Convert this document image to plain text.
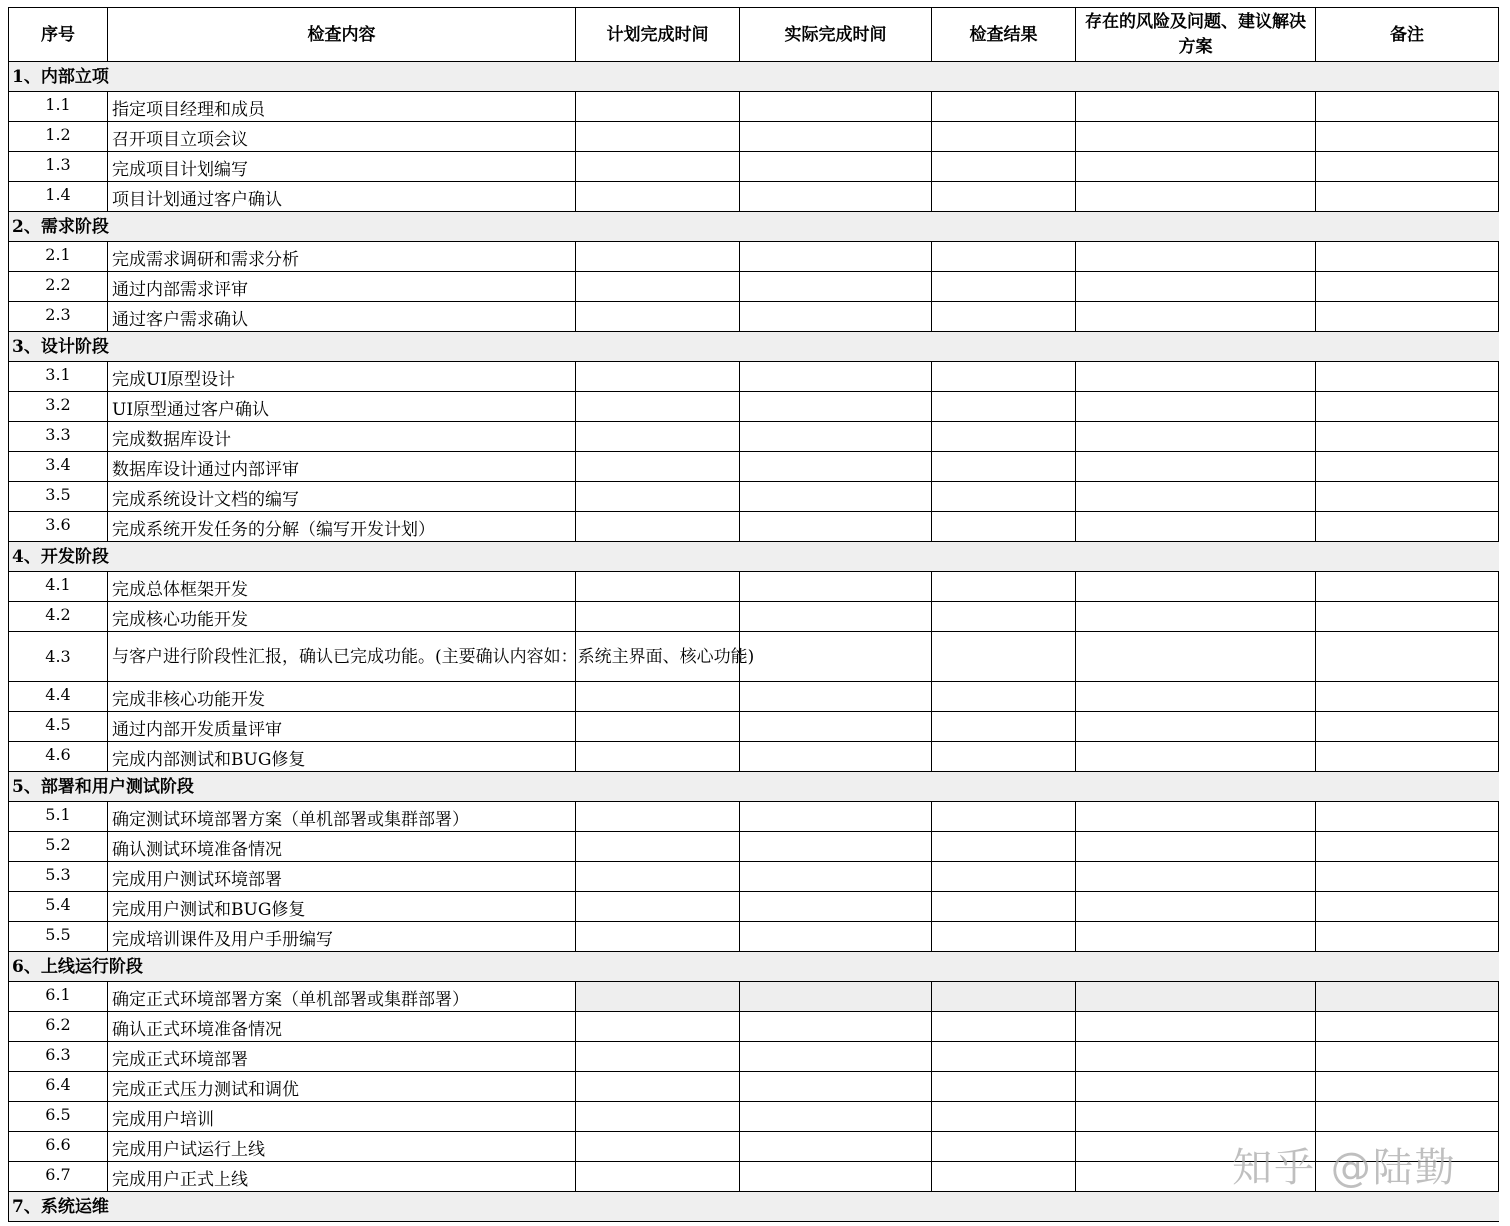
序号	检查内容	计划完成时间	实际完成时间	检查结果	存在的风险及问题、建议解决方案	备注
1、内部立项						
1.1	指定项目经理和成员					
1.2	召开项目立项会议					
1.3	完成项目计划编写					
1.4	项目计划通过客户确认					
2、需求阶段						
2.1	完成需求调研和需求分析					
2.2	通过内部需求评审					
2.3	通过客户需求确认					
3、设计阶段						
3.1	完成UI原型设计					
3.2	UI原型通过客户确认					
3.3	完成数据库设计					
3.4	数据库设计通过内部评审					
3.5	完成系统设计文档的编写					
3.6	完成系统开发任务的分解（编写开发计划）					
4、开发阶段						
4.1	完成总体框架开发					
4.2	完成核心功能开发					
4.3	与客户进行阶段性汇报，确认已完成功能。(主要确认内容如：系统主界面、核心功能)					
4.4	完成非核心功能开发					
4.5	通过内部开发质量评审					
4.6	完成内部测试和BUG修复					
5、部署和用户测试阶段						
5.1	确定测试环境部署方案（单机部署或集群部署）					
5.2	确认测试环境准备情况					
5.3	完成用户测试环境部署					
5.4	完成用户测试和BUG修复					
5.5	完成培训课件及用户手册编写					
6、上线运行阶段						
6.1	确定正式环境部署方案（单机部署或集群部署）					
6.2	确认正式环境准备情况					
6.3	完成正式环境部署					
6.4	完成正式压力测试和调优					
6.5	完成用户培训					
6.6	完成用户试运行上线					
6.7	完成用户正式上线					
7、系统运维						
知乎 @陆勤
